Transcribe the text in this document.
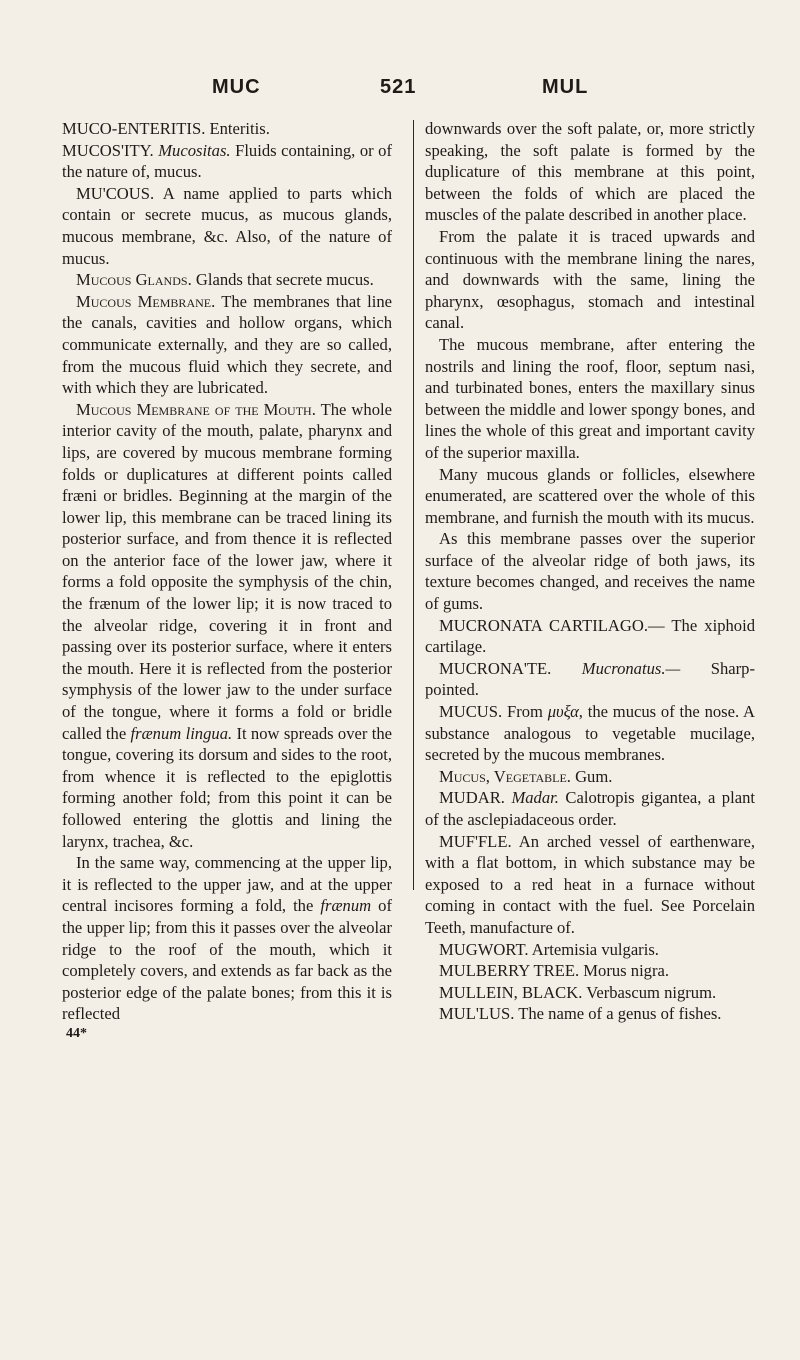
MUC	521	MUL

MUCO-ENTERITIS. Enteritis.

MUCOS'ITY. Mucositas. Fluids containing, or of the nature of, mucus.

MU'COUS. A name applied to parts which contain or secrete mucus, as mucous glands, mucous membrane, &c. Also, of the nature of mucus.

Mucous Glands. Glands that secrete mucus.

Mucous Membrane. The membranes that line the canals, cavities and hollow organs, which communicate externally, and they are so called, from the mucous fluid which they secrete, and with which they are lubricated.

Mucous Membrane of the Mouth. The whole interior cavity of the mouth, palate, pharynx and lips, are covered by mucous membrane forming folds or duplicatures at different points called fræni or bridles. Beginning at the margin of the lower lip, this membrane can be traced lining its posterior surface, and from thence it is reflected on the anterior face of the lower jaw, where it forms a fold opposite the symphysis of the chin, the frænum of the lower lip; it is now traced to the alveolar ridge, covering it in front and passing over its posterior surface, where it enters the mouth. Here it is reflected from the posterior symphysis of the lower jaw to the under surface of the tongue, where it forms a fold or bridle called the frænum lingua. It now spreads over the tongue, covering its dorsum and sides to the root, from whence it is reflected to the epiglottis forming another fold; from this point it can be followed entering the glottis and lining the larynx, trachea, &c.

In the same way, commencing at the upper lip, it is reflected to the upper jaw, and at the upper central incisores forming a fold, the frænum of the upper lip; from this it passes over the alveolar ridge to the roof of the mouth, which it completely covers, and extends as far back as the posterior edge of the palate bones; from this it is reflected

44*

downwards over the soft palate, or, more strictly speaking, the soft palate is formed by the duplicature of this membrane at this point, between the folds of which are placed the muscles of the palate described in another place.

From the palate it is traced upwards and continuous with the membrane lining the nares, and downwards with the same, lining the pharynx, œsophagus, stomach and intestinal canal.

The mucous membrane, after entering the nostrils and lining the roof, floor, septum nasi, and turbinated bones, enters the maxillary sinus between the middle and lower spongy bones, and lines the whole of this great and important cavity of the superior maxilla.

Many mucous glands or follicles, elsewhere enumerated, are scattered over the whole of this membrane, and furnish the mouth with its mucus.

As this membrane passes over the superior surface of the alveolar ridge of both jaws, its texture becomes changed, and receives the name of gums.

MUCRONATA CARTILAGO.— The xiphoid cartilage.

MUCRONA'TE. Mucronatus.— Sharp-pointed.

MUCUS. From μυξα, the mucus of the nose. A substance analogous to vegetable mucilage, secreted by the mucous membranes.

Mucus, Vegetable. Gum.

MUDAR. Madar. Calotropis gigantea, a plant of the asclepiadaceous order.

MUF'FLE. An arched vessel of earthenware, with a flat bottom, in which substance may be exposed to a red heat in a furnace without coming in contact with the fuel. See Porcelain Teeth, manufacture of.

MUGWORT. Artemisia vulgaris.

MULBERRY TREE. Morus nigra.

MULLEIN, BLACK. Verbascum nigrum.

MUL'LUS. The name of a genus of fishes.
